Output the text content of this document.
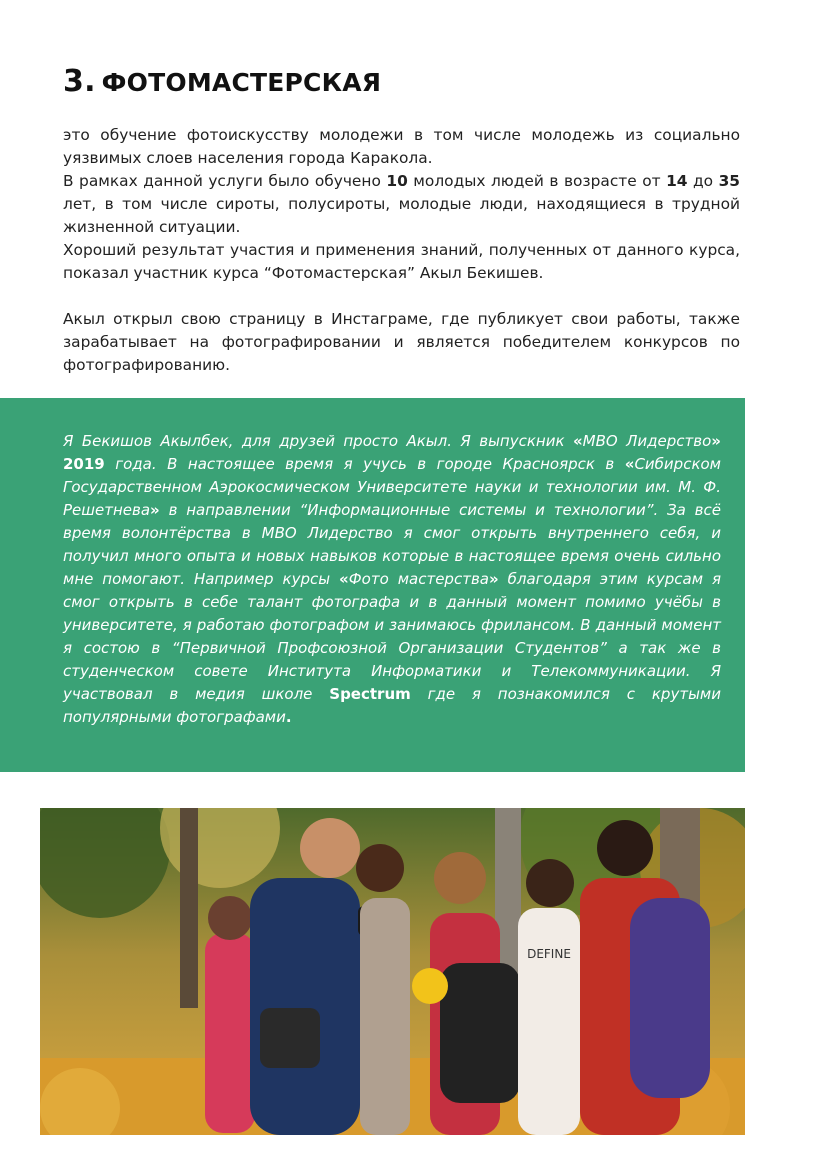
3. ФОТОМАСТЕРСКАЯ

это обучение фотоискусству молодежи в том числе молодежь из социально уязвимых слоев населения города Каракола.

В рамках данной услуги было обучено 10 молодых людей в возрасте от 14 до 35 лет, в том числе сироты, полусироты, молодые люди, находящиеся в трудной жизненной ситуации.

Хороший результат участия и применения знаний, полученных от данного курса, показал участник курса “Фотомастерская” Акыл Бекишев.

Акыл открыл свою страницу в Инстаграме, где публикует свои работы, также зарабатывает на фотографировании и является победителем конкурсов по фотографированию.

Я Бекишов Акылбек, для друзей просто Акыл. Я выпускник «МВО Лидерство» 2019 года. В настоящее время я учусь в городе Красноярск в «Сибирском Государственном Аэрокосмическом Университете науки и технологии им. М. Ф. Решетнева» в направлении “Информационные системы и технологии”. За всё время волонтёрства в МВО Лидерство я смог открыть внутреннего себя, и получил много опыта и новых навыков которые в настоящее время очень сильно мне помогают. Например курсы «Фото мастерства» благодаря этим курсам я смог открыть в себе талант фотографа и в данный момент помимо учёбы в университете, я работаю фотографом и занимаюсь фрилансом. В данный момент я состою в “Первичной Профсоюзной Организации Студентов” а так же в студенческом совете Института Информатики и Телекоммуникации. Я участвовал в медия школе Spectrum где я познакомился с крутыми популярными фотографами.

DEFINE
